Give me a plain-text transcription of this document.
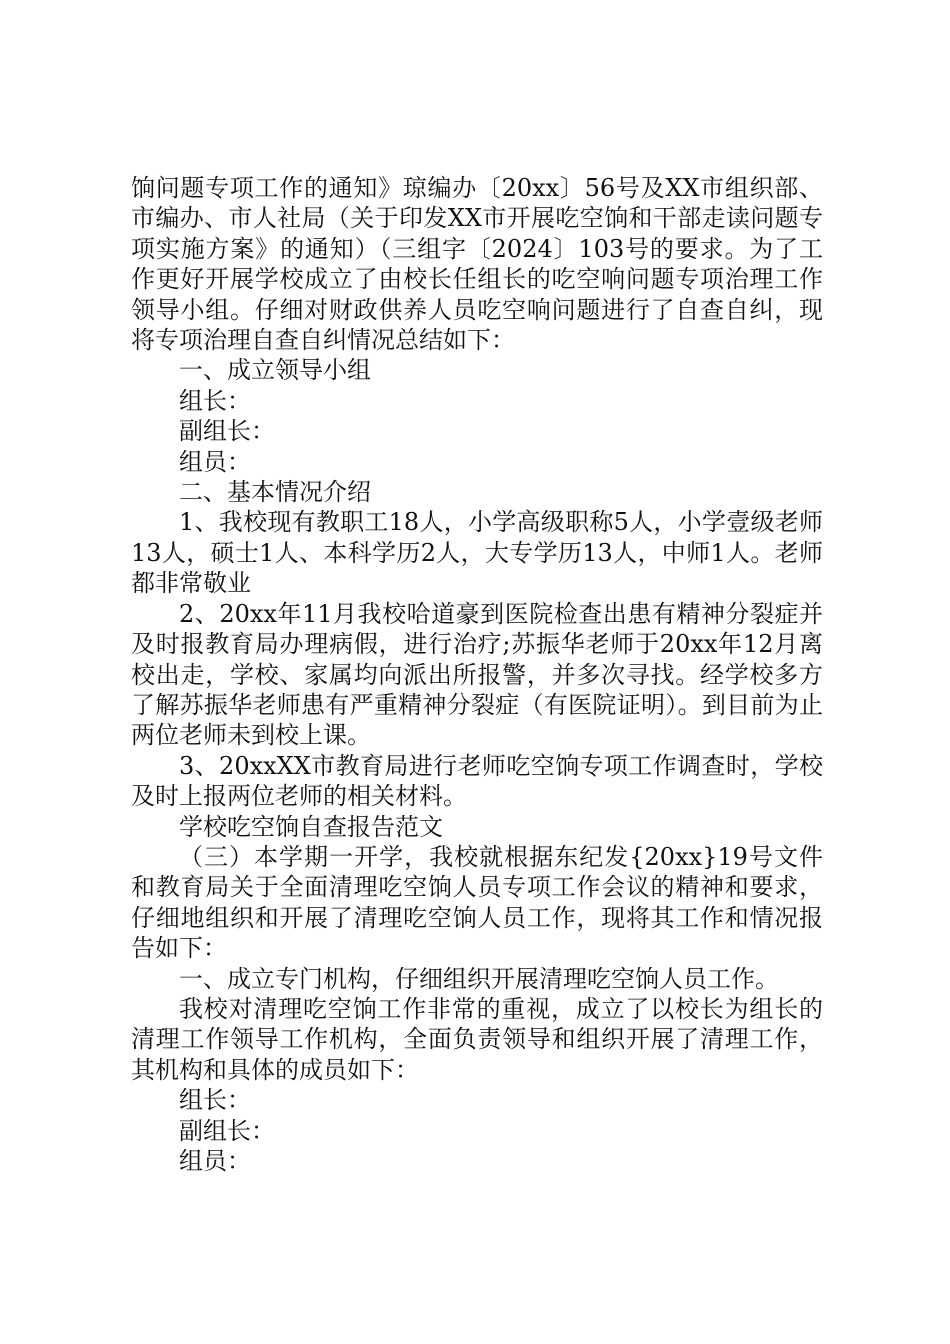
饷问题专项工作的通知》琼编办〔20xx〕56号及XX市组织部、市编办、市人社局（关于印发XX市开展吃空饷和干部走读问题专项实施方案》的通知）（三组字〔2024〕103号的要求。为了工作更好开展学校成立了由校长任组长的吃空响问题专项治理工作领导小组。仔细对财政供养人员吃空响问题进行了自查自纠，现将专项治理自查自纠情况总结如下：

一、成立领导小组

组长：

副组长：

组员：

二、基本情况介绍

1、我校现有教职工18人，小学高级职称5人，小学壹级老师13人，硕士1人、本科学历2人，大专学历13人，中师1人。老师都非常敬业

2、20xx年11月我校哈道豪到医院检查出患有精神分裂症并及时报教育局办理病假，进行治疗;苏振华老师于20xx年12月离校出走，学校、家属均向派出所报警，并多次寻找。经学校多方了解苏振华老师患有严重精神分裂症（有医院证明）。到目前为止两位老师未到校上课。

3、20xxXX市教育局进行老师吃空饷专项工作调查时，学校及时上报两位老师的相关材料。

学校吃空饷自查报告范文

（三）本学期一开学，我校就根据东纪发{20xx}19号文件和教育局关于全面清理吃空饷人员专项工作会议的精神和要求，仔细地组织和开展了清理吃空饷人员工作，现将其工作和情况报告如下：

一、成立专门机构，仔细组织开展清理吃空饷人员工作。

我校对清理吃空饷工作非常的重视，成立了以校长为组长的清理工作领导工作机构，全面负责领导和组织开展了清理工作，其机构和具体的成员如下：

组长：

副组长：

组员：
